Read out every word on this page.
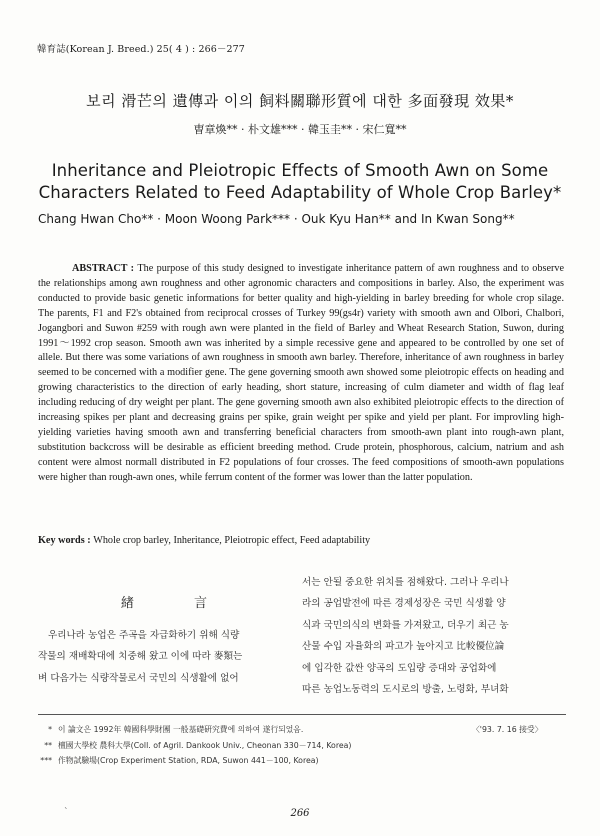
韓育誌(Korean J. Breed.) 25( 4 ) : 266－277
보리 滑芒의 遺傳과 이의 飼料關聯形質에 대한 多面發現 效果*
曺章煥** · 朴文雄*** · 韓玉圭** · 宋仁寬**
Inheritance and Pleiotropic Effects of Smooth Awn on Some
Characters Related to Feed Adaptability of Whole Crop Barley*
Chang Hwan Cho** · Moon Woong Park*** · Ouk Kyu Han** and In Kwan Song**
ABSTRACT : The purpose of this study designed to investigate inheritance pattern of awn roughness and to observe the relationships among awn roughness and other agronomic characters and compositions in barley. Also, the experiment was conducted to provide basic genetic informations for better quality and high-yielding in barley breeding for whole crop silage. The parents, F1 and F2's obtained from reciprocal crosses of Turkey 99(gs4r) variety with smooth awn and Olbori, Chalbori, Jogangbori and Suwon #259 with rough awn were planted in the field of Barley and Wheat Research Station, Suwon, during 1991～1992 crop season. Smooth awn was inherited by a simple recessive gene and appeared to be controlled by one set of allele. But there was some variations of awn roughness in smooth awn barley. Therefore, inheritance of awn roughness in barley seemed to be concerned with a modifier gene. The gene governing smooth awn showed some pleiotropic effects on heading and growing characteristics to the direction of early heading, short stature, increasing of culm diameter and width of flag leaf including reducing of dry weight per plant. The gene governing smooth awn also exhibited pleiotropic effects to the direction of increasing spikes per plant and decreasing grains per spike, grain weight per spike and yield per plant. For improvling high-yielding varieties having smooth awn and transferring beneficial characters from smooth-awn plant into rough-awn plant, substitution backcross will be desirable as efficient breeding method. Crude protein, phosphorous, calcium, natrium and ash content were almost normall distributed in F2 populations of four crosses. The feed compositions of smooth-awn populations were higher than rough-awn ones, while ferrum content of the former was lower than the latter population.
Key words : Whole crop barley, Inheritance, Pleiotropic effect, Feed adaptability
緖 言
우리나라 농업은 주곡을 자급화하기 위해 식량
작물의 재배확대에 치중해 왔고 이에 따라 麥類는
벼 다음가는 식량작물로서 국민의 식생활에 없어
서는 안될 중요한 위치를 점해왔다. 그러나 우리나
라의 공업발전에 따른 경제성장은 국민 식생활 양
식과 국민의식의 변화를 가져왔고, 더우기 최근 농
산물 수입 자율화의 파고가 높아지고 比較優位論
에 입각한 값싼 양곡의 도입량 증대와 공업화에
따른 농업노동력의 도시로의 방출, 노령화, 부녀화
* 이 論文은 1992年 韓國科學財團 一般基礎硏究費에 의하여 遂行되었음.	〈'93. 7. 16 接受〉
** 檀國大學校 農科大學(Coll. of Agril. Dankook Univ., Cheonan 330－714, Korea)
*** 作物試驗場(Crop Experiment Station, RDA, Suwon 441－100, Korea)
ˋ	266
